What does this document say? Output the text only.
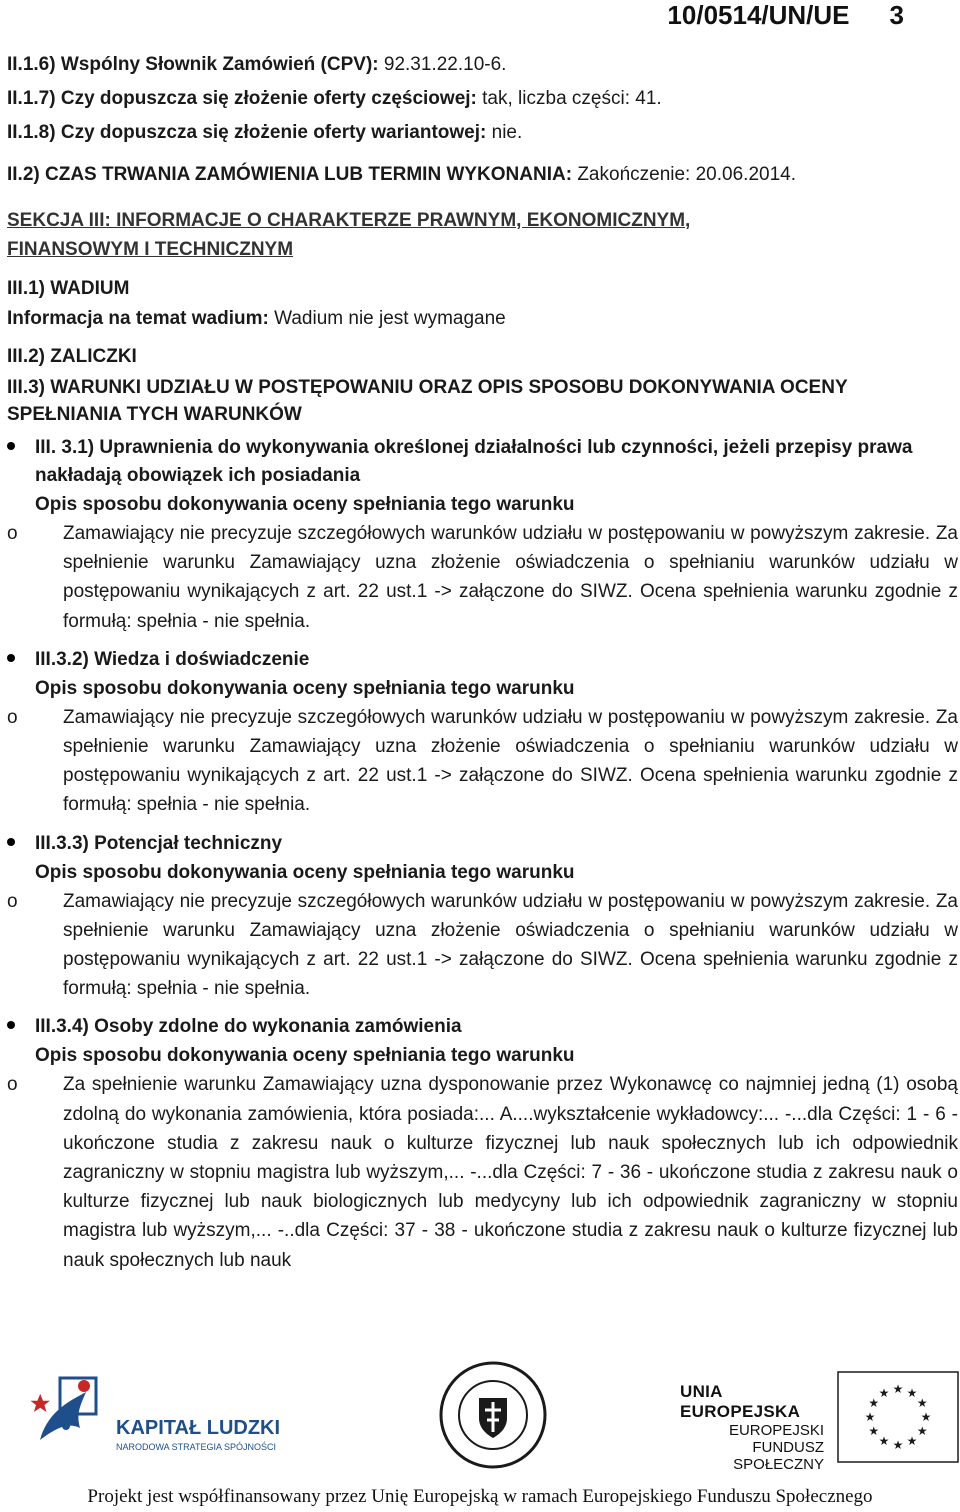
10/0514/UN/UE 3
II.1.6) Wspólny Słownik Zamówień (CPV): 92.31.22.10-6.
II.1.7) Czy dopuszcza się złożenie oferty częściowej: tak, liczba części: 41.
II.1.8) Czy dopuszcza się złożenie oferty wariantowej: nie.
II.2) CZAS TRWANIA ZAMÓWIENIA LUB TERMIN WYKONANIA: Zakończenie: 20.06.2014.
SEKCJA III: INFORMACJE O CHARAKTERZE PRAWNYM, EKONOMICZNYM,
FINANSOWYM I TECHNICZNYM
III.1) WADIUM
Informacja na temat wadium: Wadium nie jest wymagane
III.2) ZALICZKI
III.3) WARUNKI UDZIAŁU W POSTĘPOWANIU ORAZ OPIS SPOSOBU DOKONYWANIA OCENY SPEŁNIANIA TYCH WARUNKÓW
III. 3.1) Uprawnienia do wykonywania określonej działalności lub czynności, jeżeli przepisy prawa nakładają obowiązek ich posiadania
Opis sposobu dokonywania oceny spełniania tego warunku
o Zamawiający nie precyzuje szczegółowych warunków udziału w postępowaniu w powyższym zakresie. Za spełnienie warunku Zamawiający uzna złożenie oświadczenia o spełnianiu warunków udziału w postępowaniu wynikających z art. 22 ust.1 -> załączone do SIWZ. Ocena spełnienia warunku zgodnie z formułą: spełnia - nie spełnia.
III.3.2) Wiedza i doświadczenie
Opis sposobu dokonywania oceny spełniania tego warunku
o Zamawiający nie precyzuje szczegółowych warunków udziału w postępowaniu w powyższym zakresie. Za spełnienie warunku Zamawiający uzna złożenie oświadczenia o spełnianiu warunków udziału w postępowaniu wynikających z art. 22 ust.1 -> załączone do SIWZ. Ocena spełnienia warunku zgodnie z formułą: spełnia - nie spełnia.
III.3.3) Potencjał techniczny
Opis sposobu dokonywania oceny spełniania tego warunku
o Zamawiający nie precyzuje szczegółowych warunków udziału w postępowaniu w powyższym zakresie. Za spełnienie warunku Zamawiający uzna złożenie oświadczenia o spełnianiu warunków udziału w postępowaniu wynikających z art. 22 ust.1 -> załączone do SIWZ. Ocena spełnienia warunku zgodnie z formułą: spełnia - nie spełnia.
III.3.4) Osoby zdolne do wykonania zamówienia
Opis sposobu dokonywania oceny spełniania tego warunku
o Za spełnienie warunku Zamawiający uzna dysponowanie przez Wykonawcę co najmniej jedną (1) osobą zdolną do wykonania zamówienia, która posiada:... A....wykształcenie wykładowcy:... -...dla Części: 1 - 6 - ukończone studia z zakresu nauk o kulturze fizycznej lub nauk społecznych lub ich odpowiednik zagraniczny w stopniu magistra lub wyższym,... -...dla Części: 7 - 36 - ukończone studia z zakresu nauk o kulturze fizycznej lub nauk biologicznych lub medycyny lub ich odpowiednik zagraniczny w stopniu magistra lub wyższym,... -..dla Części: 37 - 38 - ukończone studia z zakresu nauk o kulturze fizycznej lub nauk społecznych lub nauk
KAPITAŁ LUDZKI
NARODOWA STRATEGIA SPÓJNOŚCI
UNIA EUROPEJSKA
EUROPEJSKI
FUNDUSZ SPOŁECZNY
★ ★
★
★
★
★
★
★
★
★
★
★
Projekt jest współfinansowany przez Unię Europejską w ramach Europejskiego Funduszu Społecznego
